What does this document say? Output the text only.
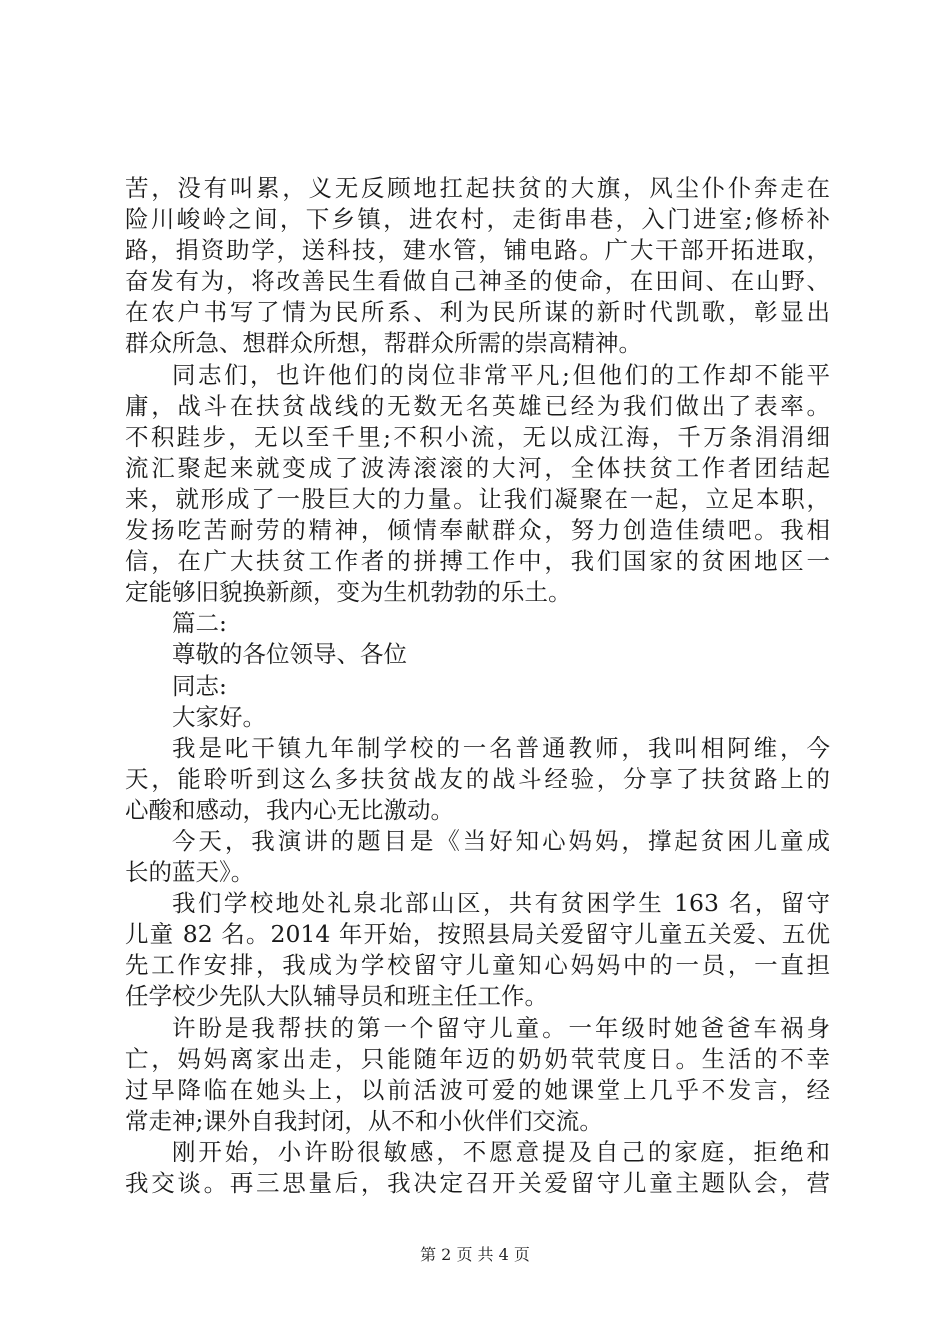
苦，没有叫累，义无反顾地扛起扶贫的大旗，风尘仆仆奔走在
险川峻岭之间，下乡镇，进农村，走街串巷，入门进室;修桥补
路，捐资助学，送科技，建水管，铺电路。广大干部开拓进取，
奋发有为，将改善民生看做自己神圣的使命，在田间、在山野、
在农户书写了情为民所系、利为民所谋的新时代凯歌，彰显出
群众所急、想群众所想，帮群众所需的崇高精神。
同志们，也许他们的岗位非常平凡;但他们的工作却不能平
庸，战斗在扶贫战线的无数无名英雄已经为我们做出了表率。
不积跬步，无以至千里;不积小流，无以成江海，千万条涓涓细
流汇聚起来就变成了波涛滚滚的大河，全体扶贫工作者团结起
来，就形成了一股巨大的力量。让我们凝聚在一起，立足本职，
发扬吃苦耐劳的精神，倾情奉献群众，努力创造佳绩吧。我相
信，在广大扶贫工作者的拼搏工作中，我们国家的贫困地区一
定能够旧貌换新颜，变为生机勃勃的乐土。
篇二:
尊敬的各位领导、各位
同志:
大家好。
我是叱干镇九年制学校的一名普通教师，我叫相阿维，今
天，能聆听到这么多扶贫战友的战斗经验，分享了扶贫路上的
心酸和感动，我内心无比激动。
今天，我演讲的题目是《当好知心妈妈，撑起贫困儿童成
长的蓝天》。
我们学校地处礼泉北部山区，共有贫困学生 163 名，留守
儿童 82 名。2014 年开始，按照县局关爱留守儿童五关爱、五优
先工作安排，我成为学校留守儿童知心妈妈中的一员，一直担
任学校少先队大队辅导员和班主任工作。
许盼是我帮扶的第一个留守儿童。一年级时她爸爸车祸身
亡，妈妈离家出走，只能随年迈的奶奶茕茕度日。生活的不幸
过早降临在她头上，以前活波可爱的她课堂上几乎不发言，经
常走神;课外自我封闭，从不和小伙伴们交流。
刚开始，小许盼很敏感，不愿意提及自己的家庭，拒绝和
我交谈。再三思量后，我决定召开关爱留守儿童主题队会，营
第 2 页 共 4 页
